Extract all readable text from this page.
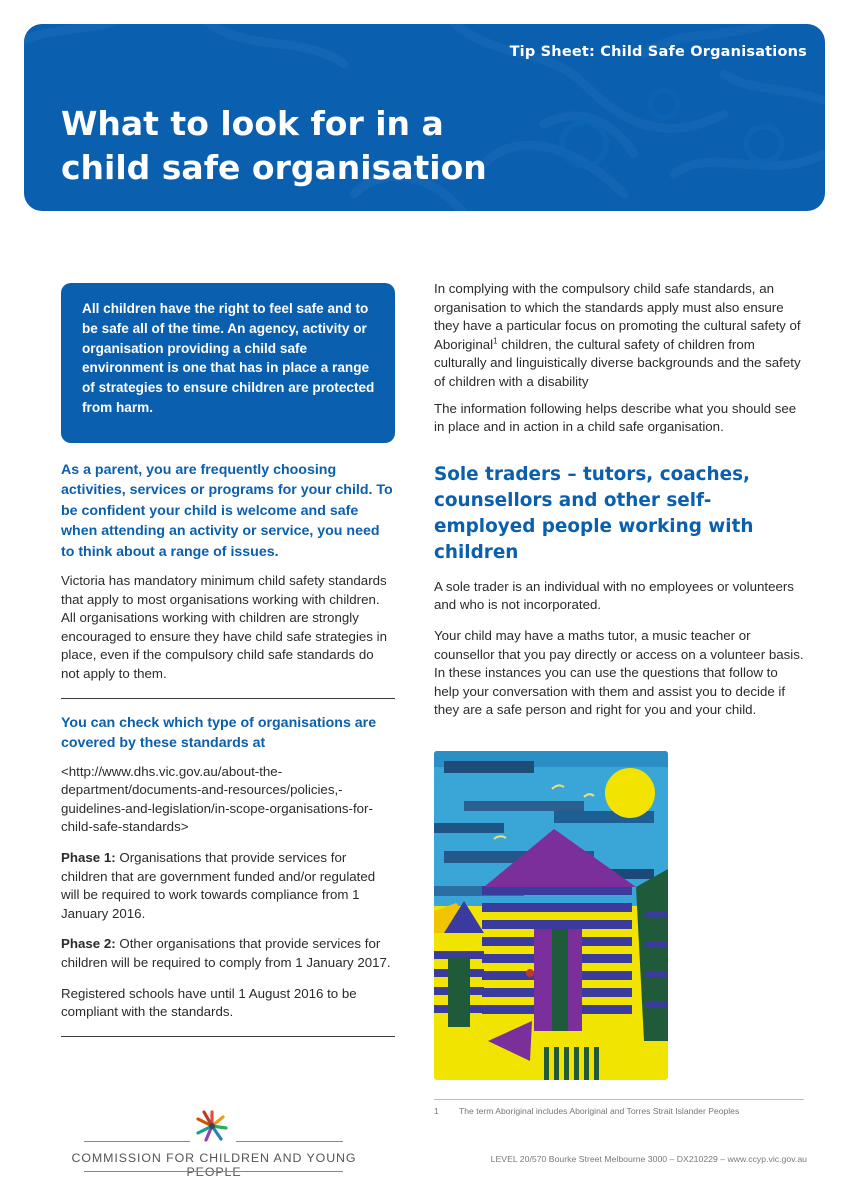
Tip Sheet: Child Safe Organisations
What to look for in a
child safe organisation

All children have the right to feel safe and to be safe all of the time. An agency, activity or organisation providing a child safe environment is one that has in place a range of strategies to ensure children are protected from harm.

As a parent, you are frequently choosing activities, services or programs for your child. To be confident your child is welcome and safe when attending an activity or service, you need to think about a range of issues.

Victoria has mandatory minimum child safety standards that apply to most organisations working with children. All organisations working with children are strongly encouraged to ensure they have child safe strategies in place, even if the compulsory child safe standards do not apply to them.

You can check which type of organisations are covered by these standards at

<http://www.dhs.vic.gov.au/about-the-department/documents-and-resources/policies,-guidelines-and-legislation/in-scope-organisations-for-child-safe-standards>

Phase 1: Organisations that provide services for children that are government funded and/or regulated will be required to work towards compliance from 1 January 2016.

Phase 2: Other organisations that provide services for children will be required to comply from 1 January 2017.

Registered schools have until 1 August 2016 to be compliant with the standards.

In complying with the compulsory child safe standards, an organisation to which the standards apply must also ensure they have a particular focus on promoting the cultural safety of Aboriginal$^1$ children, the cultural safety of children from culturally and linguistically diverse backgrounds and the safety of children with a disability

The information following helps describe what you should see in place and in action in a child safe organisation.

Sole traders – tutors, coaches, counsellors and other self-employed people working with children

A sole trader is an individual with no employees or volunteers and who is not incorporated.

Your child may have a maths tutor, a music teacher or counsellor that you pay directly or access on a volunteer basis. In these instances you can use the questions that follow to help your conversation with them and assist you to decide if they are a safe person and right for you and your child.

1 The term Aboriginal includes Aboriginal and Torres Strait Islander Peoples
COMMISSION FOR CHILDREN AND YOUNG PEOPLE
LEVEL 20/570 Bourke Street Melbourne 3000 – DX210229 – www.ccyp.vic.gov.au
